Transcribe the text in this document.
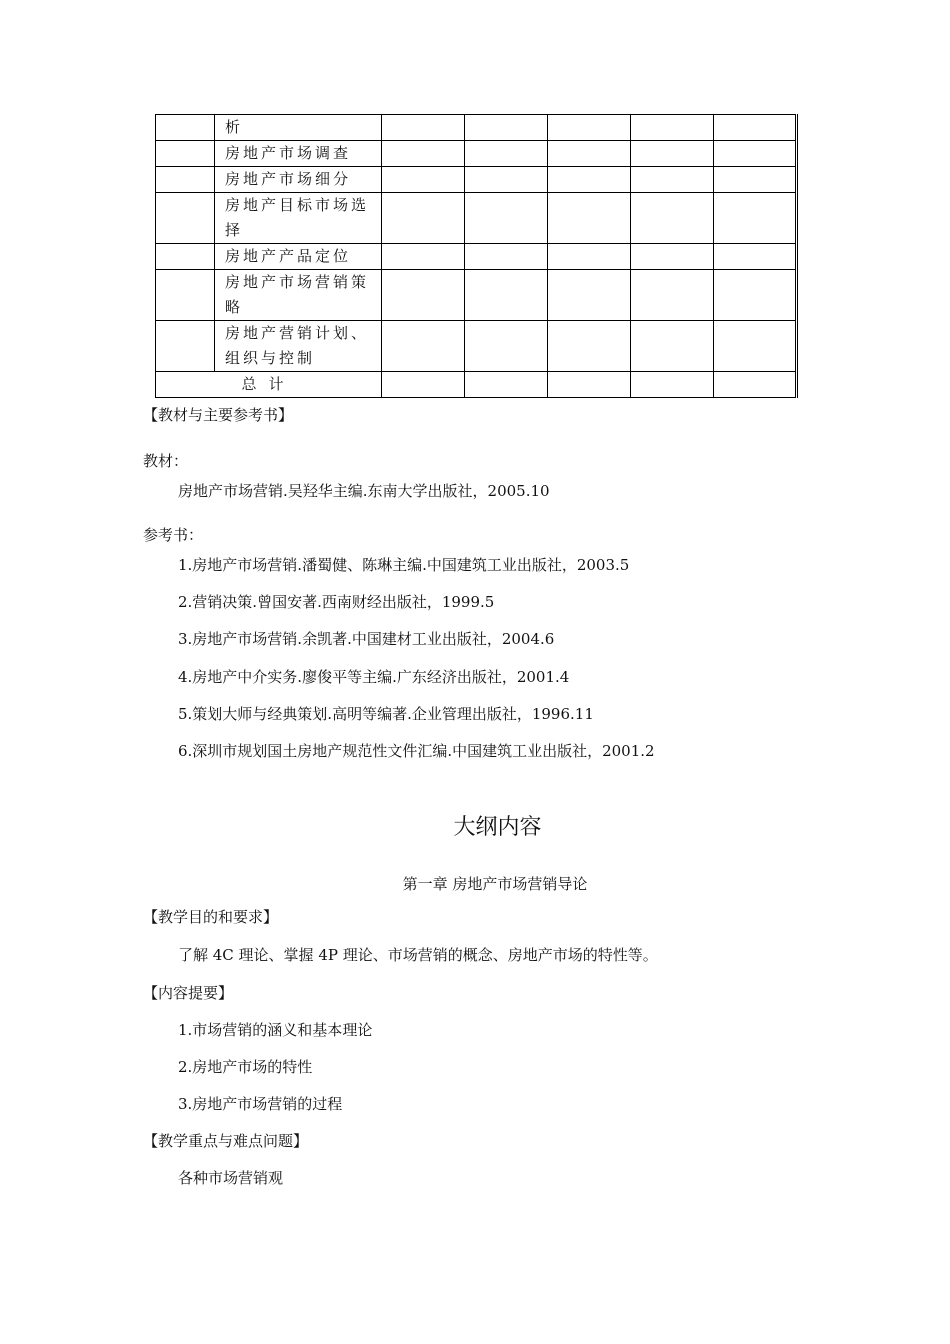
	析					
	房地产市场调查					
	房地产市场细分					
	房地产目标市场选择					
	房地产产品定位					
	房地产市场营销策略					
	房地产营销计划、组织与控制					
总计						
【教材与主要参考书】
教材：
房地产市场营销.吴羟华主编.东南大学出版社，2005.10
参考书：
1.房地产市场营销.潘蜀健、陈琳主编.中国建筑工业出版社，2003.5
2.营销决策.曾国安著.西南财经出版社，1999.5
3.房地产市场营销.余凯著.中国建材工业出版社，2004.6
4.房地产中介实务.廖俊平等主编.广东经济出版社，2001.4
5.策划大师与经典策划.高明等编著.企业管理出版社，1996.11
6.深圳市规划国土房地产规范性文件汇编.中国建筑工业出版社，2001.2
大纲内容
第一章 房地产市场营销导论
【教学目的和要求】
了解 4C 理论、掌握 4P 理论、市场营销的概念、房地产市场的特性等。
【内容提要】
1.市场营销的涵义和基本理论
2.房地产市场的特性
3.房地产市场营销的过程
【教学重点与难点问题】
各种市场营销观
